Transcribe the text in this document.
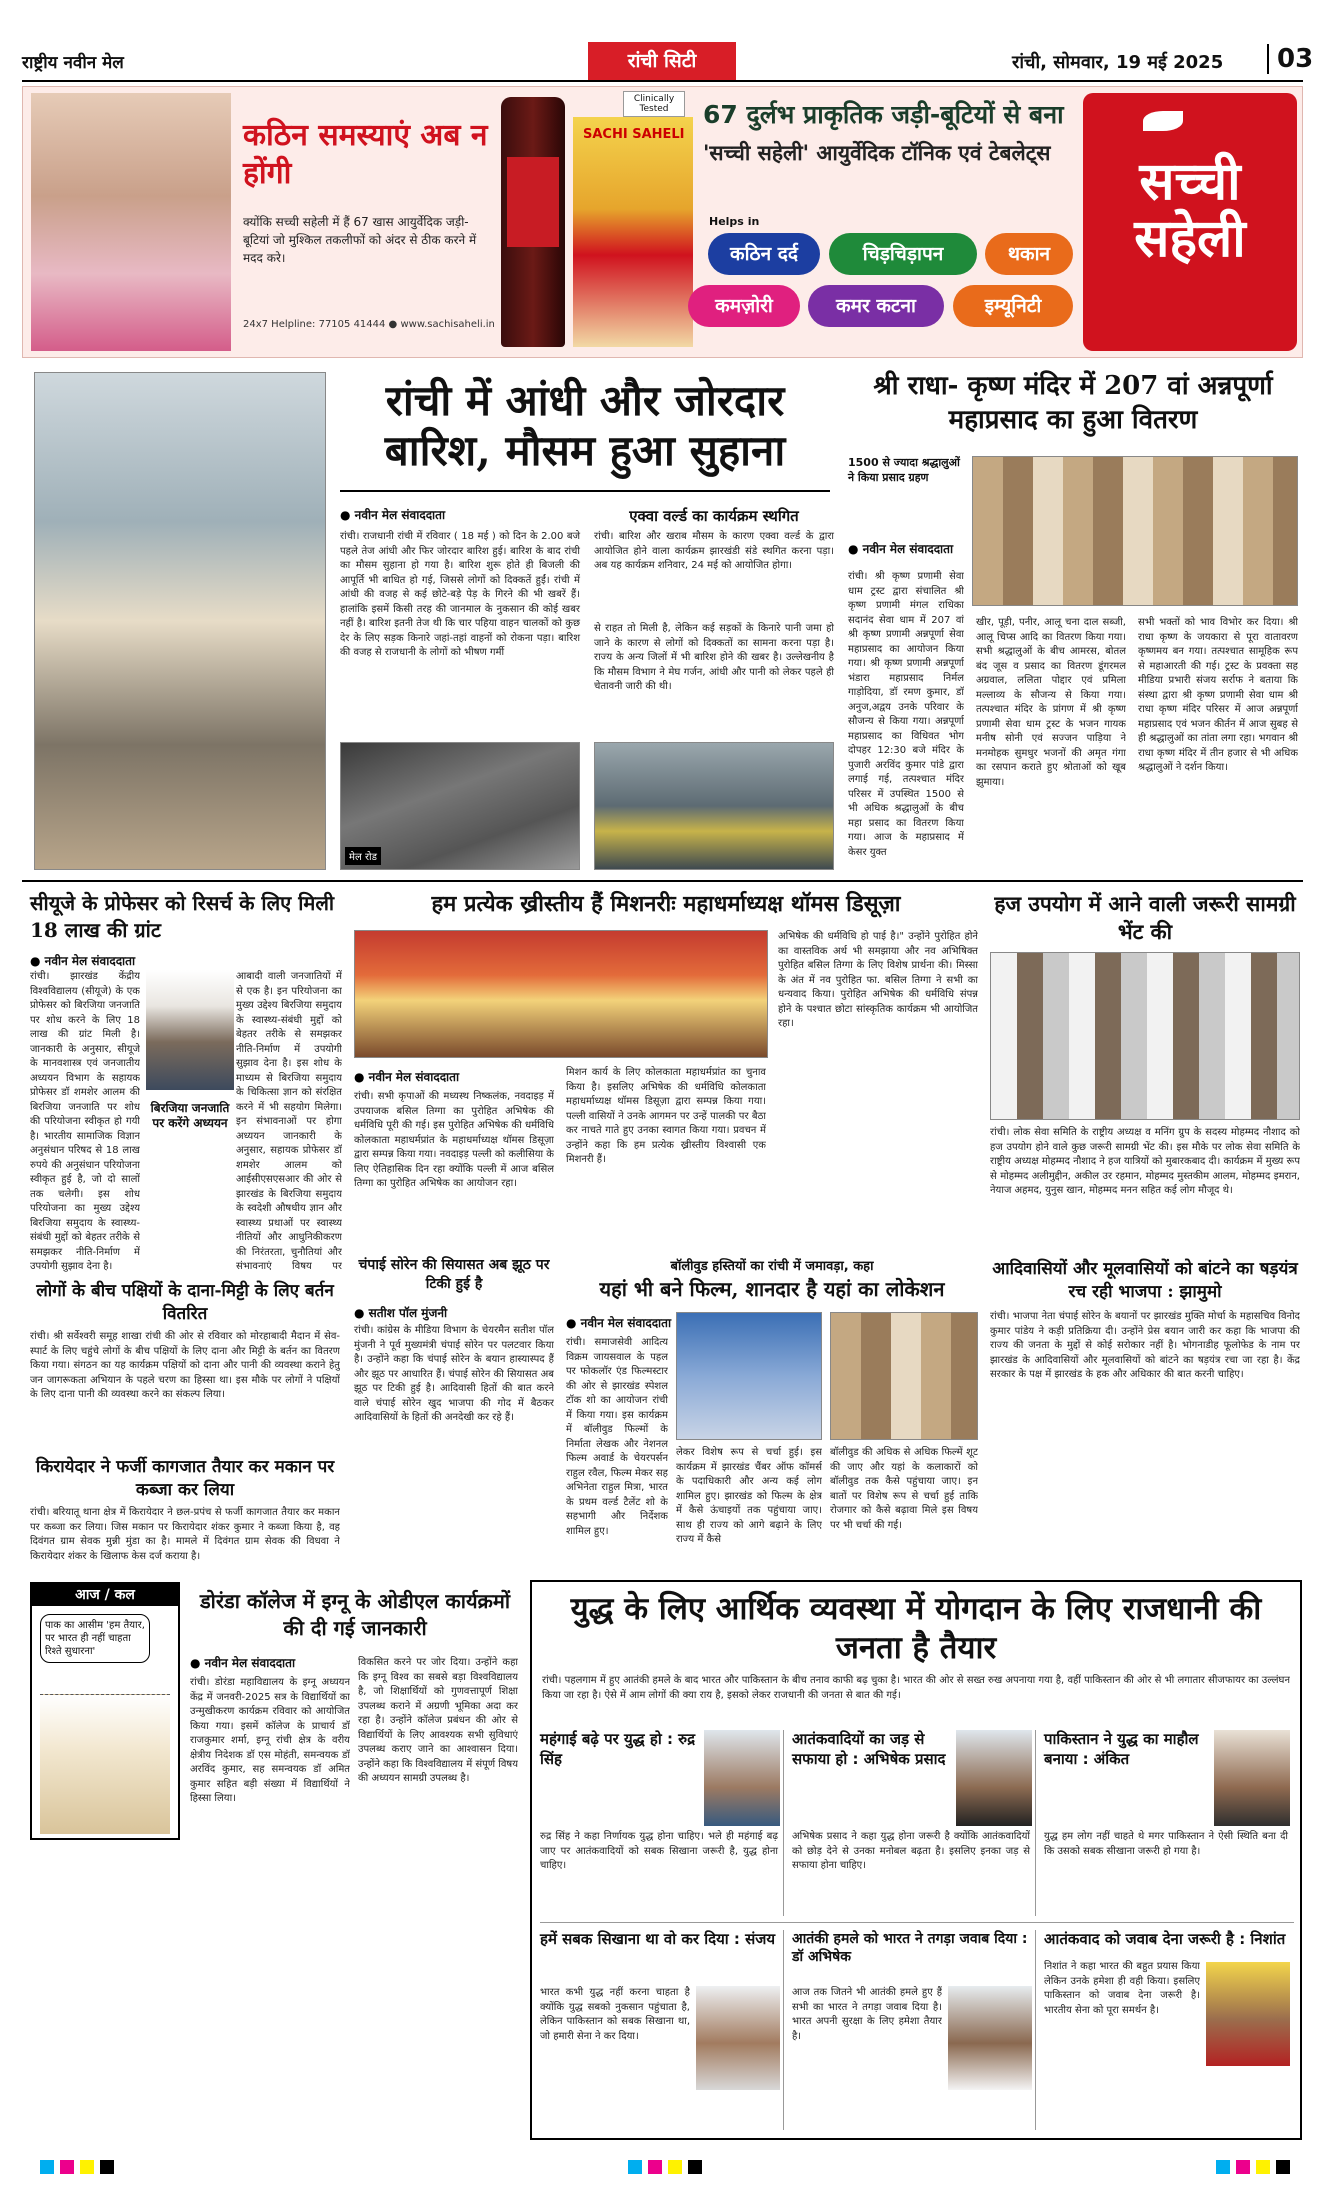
राष्ट्रीय नवीन मेल	रांची सिटी	रांची, सोमवार, 19 मई 2025	03
कठिन समस्याएं अब न होंगी
क्योंकि सच्ची सहेली में हैं 67 खास आयुर्वेदिक जड़ी-बूटियां जो मुश्किल तकलीफों को अंदर से ठीक करने में मदद करे।
24x7 Helpline: 77105 41444 ● www.sachisaheli.in
SACHI SAHELI
Clinically Tested	67 दुर्लभ प्राकृतिक जड़ी-बूटियों से बना
'सच्ची सहेली' आयुर्वेदिक टॉनिक एवं टेबलेट्स
Helps in
कठिन दर्द	चिड़चिड़ापन	थकान
कमज़ोरी	कमर कटना	इम्यूनिटी
सच्ची सहेली
रांची में आंधी और जोरदार बारिश, मौसम हुआ सुहाना
● नवीन मेल संवाददाता
रांची। राजधानी रांची में रविवार ( 18 मई ) को दिन के 2.00 बजे पहले तेज आंधी और फिर जोरदार बारिश हुई। बारिश के बाद रांची का मौसम सुहाना हो गया है। बारिश शुरू होते ही बिजली की आपूर्ति भी बाधित हो गई, जिससे लोगों को दिक्कतें हुईं। रांची में आंधी की वजह से कई छोटे-बड़े पेड़ के गिरने की भी खबरें हैं। हालांकि इसमें किसी तरह की जानमाल के नुकसान की कोई खबर नहीं है। बारिश इतनी तेज थी कि चार पहिया वाहन चालकों को कुछ देर के लिए सड़क किनारे जहां-तहां वाहनों को रोकना पड़ा। बारिश की वजह से राजधानी के लोगों को भीषण गर्मी
एक्वा वर्ल्ड का कार्यक्रम स्थगित
रांची। बारिश और खराब मौसम के कारण एक्वा वर्ल्ड के द्वारा आयोजित होने वाला कार्यक्रम झारखंडी संडे स्थगित करना पड़ा। अब यह कार्यक्रम शनिवार, 24 मई को आयोजित होगा।
से राहत तो मिली है, लेकिन कई सड़कों के किनारे पानी जमा हो जाने के कारण से लोगों को दिक्कतों का सामना करना पड़ा है। राज्य के अन्य जिलों में भी बारिश होने की खबर है। उल्लेखनीय है कि मौसम विभाग ने मेघ गर्जन, आंधी और पानी को लेकर पहले ही चेतावनी जारी की थी।
मेल रोड
श्री राधा- कृष्ण मंदिर में 207 वां अन्नपूर्णा महाप्रसाद का हुआ वितरण
1500 से ज्यादा श्रद्धालुओं ने किया प्रसाद ग्रहण
● नवीन मेल संवाददाता
रांची। श्री कृष्ण प्रणामी सेवा धाम ट्रस्ट द्वारा संचालित श्री कृष्ण प्रणामी मंगल राधिका सदानंद सेवा धाम में 207 वां श्री कृष्ण प्रणामी अन्नपूर्णा सेवा महाप्रसाद का आयोजन किया गया। श्री कृष्ण प्रणामी अन्नपूर्णा भंडारा महाप्रसाद निर्मल गाड़ोदिया, डॉ रमण कुमार, डॉ अनुज,अद्वय उनके परिवार के सौजन्य से किया गया। अन्नपूर्णा महाप्रसाद का विधिवत भोग दोपहर 12:30 बजे मंदिर के पुजारी अरविंद कुमार पांडे द्वारा लगाई गई, तत्पश्चात मंदिर परिसर में उपस्थित 1500 से भी अधिक श्रद्धालुओं के बीच महा प्रसाद का वितरण किया गया। आज के महाप्रसाद में केसर युक्त
खीर, पूड़ी, पनीर, आलू चना दाल सब्जी, आलू चिप्स आदि का वितरण किया गया। सभी श्रद्धालुओं के बीच आमरस, बोतल बंद जूस व प्रसाद का वितरण डूंगरमल अग्रवाल, ललिता पोद्दार एवं प्रमिला मल्लाव्य के सौजन्य से किया गया। तत्पश्चात मंदिर के प्रांगण में श्री कृष्ण प्रणामी सेवा धाम ट्रस्ट के भजन गायक मनीष सोनी एवं सज्जन पाड़िया ने मनमोहक सुमधुर भजनों की अमृत गंगा का रसपान कराते हुए श्रोताओं को खूब झुमाया।
सभी भक्तों को भाव विभोर कर दिया। श्री राधा कृष्ण के जयकारा से पूरा वातावरण कृष्णमय बन गया। तत्पश्चात सामूहिक रूप से महाआरती की गई। ट्रस्ट के प्रवक्ता सह मीडिया प्रभारी संजय सर्राफ ने बताया कि संस्था द्वारा श्री कृष्ण प्रणामी सेवा धाम श्री राधा कृष्ण मंदिर परिसर में आज अन्नपूर्णा महाप्रसाद एवं भजन कीर्तन में आज सुबह से ही श्रद्धालुओं का तांता लगा रहा। भगवान श्री राधा कृष्ण मंदिर में तीन हजार से भी अधिक श्रद्धालुओं ने दर्शन किया।
सीयूजे के प्रोफेसर को रिसर्च के लिए मिली 18 लाख की ग्रांट
● नवीन मेल संवाददाता
रांची। झारखंड केंद्रीय विश्वविद्यालय (सीयूजे) के एक प्रोफेसर को बिरजिया जनजाति पर शोध करने के लिए 18 लाख की ग्रांट मिली है। जानकारी के अनुसार, सीयूजे के मानवशास्त्र एवं जनजातीय अध्ययन विभाग के सहायक प्रोफेसर डॉ शमशेर आलम की बिरजिया जनजाति पर शोध की परियोजना स्वीकृत हो गयी है। भारतीय सामाजिक विज्ञान अनुसंधान परिषद से 18 लाख रुपये की अनुसंधान परियोजना स्वीकृत हुई है, जो दो सालों तक चलेगी। इस शोध परियोजना का मुख्य उद्देश्य बिरजिया समुदाय के स्वास्थ्य-संबंधी मुद्दों को बेहतर तरीके से समझकर नीति-निर्माण में उपयोगी सुझाव देना है।
बिरजिया जनजाति पर करेंगे अध्ययन
आबादी वाली जनजातियों में से एक है। इन परियोजना का मुख्य उद्देश्य बिरजिया समुदाय के स्वास्थ्य-संबंधी मुद्दों को बेहतर तरीके से समझकर नीति-निर्माण में उपयोगी सुझाव देना है। इस शोध के माध्यम से बिरजिया समुदाय के चिकित्सा ज्ञान को संरक्षित करने में भी सहयोग मिलेगा। इन संभावनाओं पर होगा अध्ययन जानकारी के अनुसार, सहायक प्रोफेसर डॉ शमशेर आलम को आईसीएसएसआर की ओर से झारखंड के बिरजिया समुदाय के स्वदेशी औषधीय ज्ञान और स्वास्थ्य प्रथाओं पर स्वास्थ्य नीतियों और आधुनिकीकरण की निरंतरता, चुनौतियां और संभावनाएं विषय पर
लोगों के बीच पक्षियों के दाना-मिट्टी के लिए बर्तन वितरित
रांची। श्री सर्वेश्वरी समूह शाखा रांची की ओर से रविवार को मोरहाबादी मैदान में सेव-स्पार्ट के लिए चहुंचे लोगों के बीच पक्षियों के लिए दाना और मिट्टी के बर्तन का वितरण किया गया। संगठन का यह कार्यक्रम पक्षियों को दाना और पानी की व्यवस्था कराने हेतु जन जागरूकता अभियान के पहले चरण का हिस्सा था। इस मौके पर लोगों ने पक्षियों के लिए दाना पानी की व्यवस्था करने का संकल्प लिया।
किरायेदार ने फर्जी कागजात तैयार कर मकान पर कब्जा कर लिया
रांची। बरियातू थाना क्षेत्र में किरायेदार ने छल-प्रपंच से फर्जी कागजात तैयार कर मकान पर कब्जा कर लिया। जिस मकान पर किरायेदार शंकर कुमार ने कब्जा किया है, वह दिवंगत ग्राम सेवक मुन्नी मुंडा का है। मामले में दिवंगत ग्राम सेवक की विधवा ने किरायेदार शंकर के खिलाफ केस दर्ज कराया है।
आज / कल
पाक का आसीम 'हम तैयार, पर भारत ही नहीं चाहता रिश्ते सुधारना'
डोरंडा कॉलेज में इग्नू के ओडीएल कार्यक्रमों की दी गई जानकारी
● नवीन मेल संवाददाता
रांची। डोरंडा महाविद्यालय के इग्नू अध्ययन केंद्र में जनवरी-2025 सत्र के विद्यार्थियों का उन्मुखीकरण कार्यक्रम रविवार को आयोजित किया गया। इसमें कॉलेज के प्राचार्य डॉ राजकुमार शर्मा, इग्नू रांची क्षेत्र के वरीय क्षेत्रीय निदेशक डॉ एस मोहंती, समन्वयक डॉ अरविंद कुमार, सह समन्वयक डॉ अमित कुमार सहित बड़ी संख्या में विद्यार्थियों ने हिस्सा लिया।
विकसित करने पर जोर दिया। उन्होंने कहा कि इग्नू विश्व का सबसे बड़ा विश्वविद्यालय है, जो शिक्षार्थियों को गुणवत्तापूर्ण शिक्षा उपलब्ध कराने में अग्रणी भूमिका अदा कर रहा है। उन्होंने कॉलेज प्रबंधन की ओर से विद्यार्थियों के लिए आवश्यक सभी सुविधाएं उपलब्ध कराए जाने का आश्वासन दिया। उन्होंने कहा कि विश्वविद्यालय में संपूर्ण विषय की अध्ययन सामग्री उपलब्ध है।
हम प्रत्येक ख्रीस्तीय हैं मिशनरीः महाधर्माध्यक्ष थॉमस डिसूज़ा
● नवीन मेल संवाददाता
रांची। सभी कृपाओं की मध्यस्थ निष्कलंक, नवदाइड़ में उपयाजक बसिल तिग्गा का पुरोहित अभिषेक की धर्मविधि पूरी की गई। इस पुरोहित अभिषेक की धर्मविधि कोलकाता महाधर्मप्रांत के महाधर्माध्यक्ष थॉमस डिसूज़ा द्वारा सम्पन्न किया गया। नवदाइड़ पल्ली को कलीसिया के लिए ऐतिहासिक दिन रहा क्योंकि पल्ली में आज बसिल तिग्गा का पुरोहित अभिषेक का आयोजन रहा।
मिशन कार्य के लिए कोलकाता महाधर्मप्रांत का चुनाव किया है। इसलिए अभिषेक की धर्मविधि कोलकाता महाधर्माध्यक्ष थॉमस डिसूज़ा द्वारा सम्पन्न किया गया। पल्ली वासियों ने उनके आगमन पर उन्हें पालकी पर बैठा कर नाचते गाते हुए उनका स्वागत किया गया। प्रवचन में उन्होंने कहा कि हम प्रत्येक ख्रीस्तीय विश्वासी एक मिशनरी हैं।
अभिषेक की धर्मविधि हो पाई है।" उन्होंने पुरोहित होने का वास्तविक अर्थ भी समझाया और नव अभिषिक्त पुरोहित बसिल तिग्गा के लिए विशेष प्रार्थना की। मिस्सा के अंत में नव पुरोहित फा. बसिल तिग्गा ने सभी का धन्यवाद किया। पुरोहित अभिषेक की धर्मविधि संपन्न होने के पश्चात छोटा सांस्कृतिक कार्यक्रम भी आयोजित रहा।
चंपाई सोरेन की सियासत अब झूठ पर टिकी हुई है
● सतीश पॉल मुंजनी
रांची। कांग्रेस के मीडिया विभाग के चेयरमैन सतीश पॉल मुंजनी ने पूर्व मुख्यमंत्री चंपाई सोरेन पर पलटवार किया है। उन्होंने कहा कि चंपाई सोरेन के बयान हास्यास्पद हैं और झूठ पर आधारित हैं। चंपाई सोरेन की सियासत अब झूठ पर टिकी हुई है। आदिवासी हितों की बात करने वाले चंपाई सोरेन खुद भाजपा की गोद में बैठकर आदिवासियों के हितों की अनदेखी कर रहे हैं।
बॉलीवुड हस्तियों का रांची में जमावड़ा, कहा
यहां भी बने फिल्म, शानदार है यहां का लोकेशन
● नवीन मेल संवाददाता
रांची। समाजसेवी आदित्य विक्रम जायसवाल के पहल पर फोकलॉर एंड फिल्मस्टार की ओर से झारखंड स्पेशल टॉक शो का आयोजन रांची में किया गया। इस कार्यक्रम में बॉलीवुड फिल्मों के निर्माता लेखक और नेशनल फिल्म अवार्ड के चेयरपर्सन राहुल रवैल, फिल्म मेकर सह अभिनेता राहुल मित्रा, भारत के प्रथम वर्ल्ड टैलेंट शो के सहभागी और निर्देशक शामिल हुए।
लेकर विशेष रूप से चर्चा हुई। इस कार्यक्रम में झारखंड चैंबर ऑफ कॉमर्स के पदाधिकारी और अन्य कई लोग शामिल हुए। झारखंड को फिल्म के क्षेत्र में कैसे ऊंचाइयों तक पहुंचाया जाए। साथ ही राज्य को आगे बढ़ाने के लिए राज्य में कैसे
बॉलीवुड की अधिक से अधिक फिल्में शूट की जाए और यहां के कलाकारों को बॉलीवुड तक कैसे पहुंचाया जाए। इन बातों पर विशेष रूप से चर्चा हुई ताकि रोजगार को कैसे बढ़ावा मिले इस विषय पर भी चर्चा की गई।
हज उपयोग में आने वाली जरूरी सामग्री भेंट की
रांची। लोक सेवा समिति के राष्ट्रीय अध्यक्ष व मनिंग ग्रुप के सदस्य मोहम्मद नौशाद को हज उपयोग होने वाले कुछ जरूरी सामग्री भेंट की। इस मौके पर लोक सेवा समिति के राष्ट्रीय अध्यक्ष मोहम्मद नौशाद ने हज यात्रियों को मुबारकबाद दी। कार्यक्रम में मुख्य रूप से मोहम्मद अलीमुद्दीन, अकील उर रहमान, मोहम्मद मुस्तकीम आलम, मोहम्मद इमरान, नेयाज अहमद, युनुस खान, मोहम्मद मनन सहित कई लोग मौजूद थे।
आदिवासियों और मूलवासियों को बांटने का षड़यंत्र रच रही भाजपा : झामुमो
रांची। भाजपा नेता चंपाई सोरेन के बयानों पर झारखंड मुक्ति मोर्चा के महासचिव विनोद कुमार पांडेय ने कड़ी प्रतिक्रिया दी। उन्होंने प्रेस बयान जारी कर कहा कि भाजपा की राज्य की जनता के मुद्दों से कोई सरोकार नहीं है। भोगनाडीह फूलोफेड के नाम पर झारखंड के आदिवासियों और मूलवासियों को बांटने का षड़यंत्र रचा जा रहा है। केंद्र सरकार के पक्ष में झारखंड के हक और अधिकार की बात करनी चाहिए।
युद्ध के लिए आर्थिक व्यवस्था में योगदान के लिए राजधानी की जनता है तैयार
रांची। पहलगाम में हुए आतंकी हमले के बाद भारत और पाकिस्तान के बीच तनाव काफी बढ़ चुका है। भारत की ओर से सख्त रुख अपनाया गया है, वहीं पाकिस्तान की ओर से भी लगातार सीजफायर का उल्लंघन किया जा रहा है। ऐसे में आम लोगों की क्या राय है, इसको लेकर राजधानी की जनता से बात की गई।
महंगाई बढ़े पर युद्ध हो : रुद्र सिंह
रुद्र सिंह ने कहा निर्णायक युद्ध होना चाहिए। भले ही महंगाई बढ़ जाए पर आतंकवादियों को सबक सिखाना जरूरी है, युद्ध होना चाहिए।
आतंकवादियों का जड़ से सफाया हो : अभिषेक प्रसाद
अभिषेक प्रसाद ने कहा युद्ध होना जरूरी है क्योंकि आतंकवादियों को छोड़ देने से उनका मनोबल बढ़ता है। इसलिए इनका जड़ से सफाया होना चाहिए।
पाकिस्तान ने युद्ध का माहौल बनाया : अंकित
युद्ध हम लोग नहीं चाहते थे मगर पाकिस्तान ने ऐसी स्थिति बना दी कि उसको सबक सीखाना जरूरी हो गया है।
हमें सबक सिखाना था वो कर दिया : संजय
भारत कभी युद्ध नहीं करना चाहता है क्योंकि युद्ध सबको नुकसान पहुंचाता है, लेकिन पाकिस्तान को सबक सिखाना था, जो हमारी सेना ने कर दिया।
आतंकी हमले को भारत ने तगड़ा जवाब दिया : डॉ अभिषेक
आज तक जितने भी आतंकी हमले हुए हैं सभी का भारत ने तगड़ा जवाब दिया है। भारत अपनी सुरक्षा के लिए हमेशा तैयार है।
आतंकवाद को जवाब देना जरूरी है : निशांत
निशांत ने कहा भारत की बहुत प्रयास किया लेकिन उनके हमेशा ही वही किया। इसलिए पाकिस्तान को जवाब देना जरूरी है। भारतीय सेना को पूरा समर्थन है।
